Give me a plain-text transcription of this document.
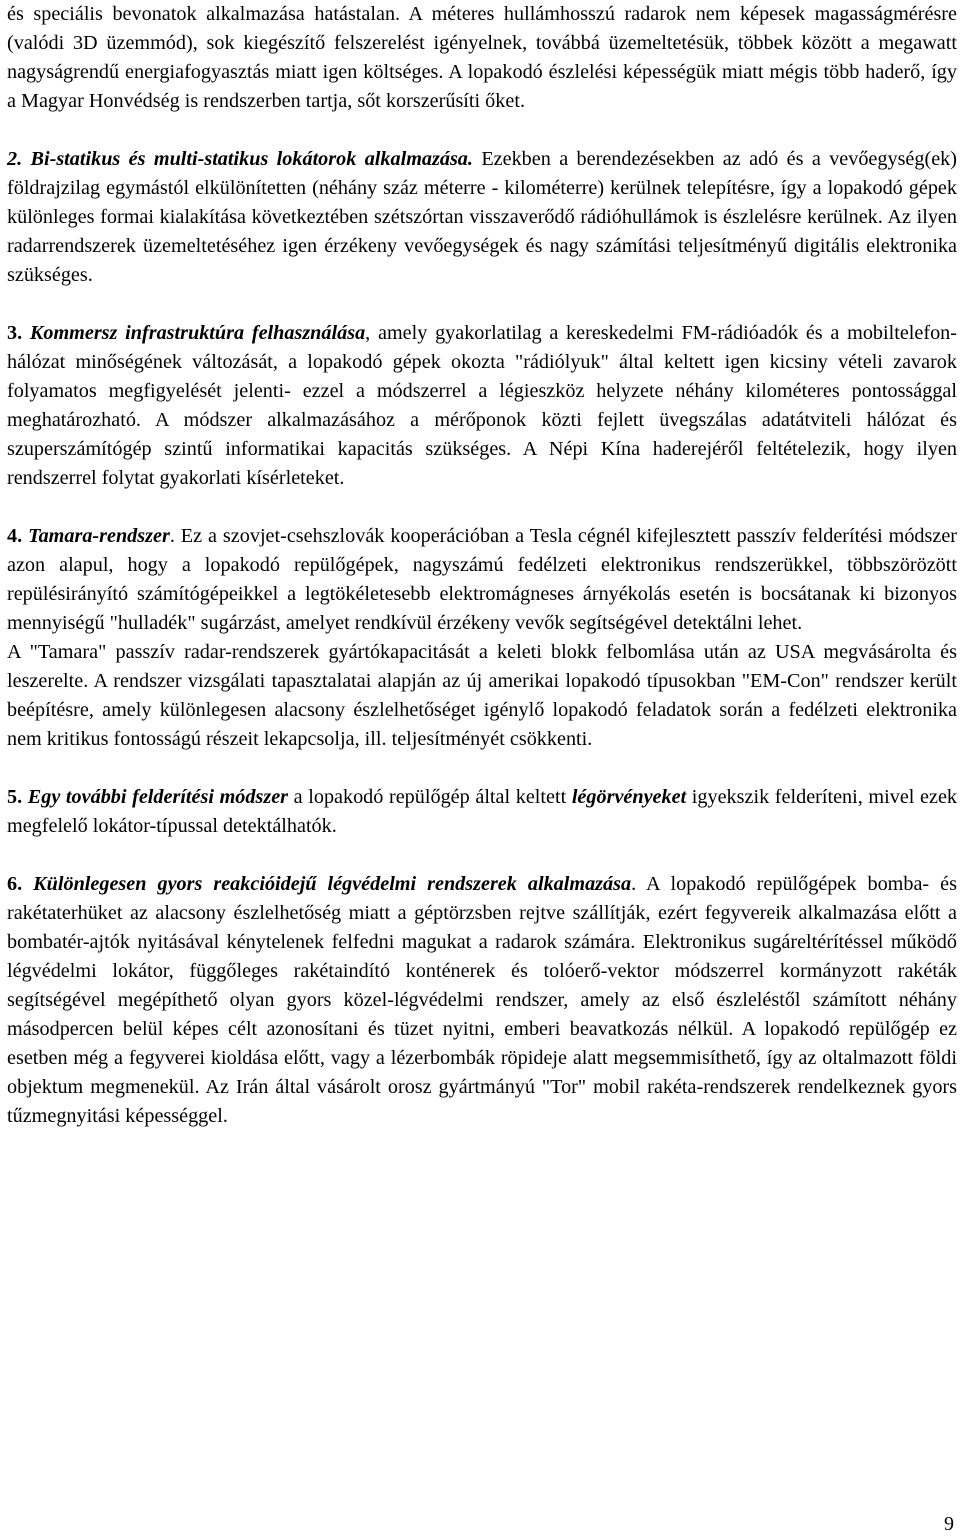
és speciális bevonatok alkalmazása hatástalan. A méteres hullámhosszú radarok nem képesek magasságmérésre (valódi 3D üzemmód), sok kiegészítő felszerelést igényelnek, továbbá üzemeltetésük, többek között a megawatt nagyságrendű energiafogyasztás miatt igen költséges. A lopakodó észlelési képességük miatt mégis több haderő, így a Magyar Honvédség is rendszerben tartja, sőt korszerűsíti őket.

2. Bi-statikus és multi-statikus lokátorok alkalmazása. Ezekben a berendezésekben az adó és a vevőegység(ek) földrajzilag egymástól elkülönítetten (néhány száz méterre - kilométerre) kerülnek telepítésre, így a lopakodó gépek különleges formai kialakítása következtében szétszórtan visszaverődő rádióhullámok is észlelésre kerülnek. Az ilyen radarrendszerek üzemeltetéséhez igen érzékeny vevőegységek és nagy számítási teljesítményű digitális elektronika szükséges.

3. Kommersz infrastruktúra felhasználása, amely gyakorlatilag a kereskedelmi FM-rádióadók és a mobiltelefon-hálózat minőségének változását, a lopakodó gépek okozta "rádiólyuk" által keltett igen kicsiny vételi zavarok folyamatos megfigyelését jelenti- ezzel a módszerrel a légieszköz helyzete néhány kilométeres pontossággal meghatározható. A módszer alkalmazásához a mérőponok közti fejlett üvegszálas adatátviteli hálózat és szuperszámítógép szintű informatikai kapacitás szükséges. A Népi Kína haderejéről feltételezik, hogy ilyen rendszerrel folytat gyakorlati kísérleteket.

4. Tamara-rendszer. Ez a szovjet-csehszlovák kooperációban a Tesla cégnél kifejlesztett passzív felderítési módszer azon alapul, hogy a lopakodó repülőgépek, nagyszámú fedélzeti elektronikus rendszerükkel, többszörözött repülésirányító számítógépeikkel a legtökéletesebb elektromágneses árnyékolás esetén is bocsátanak ki bizonyos mennyiségű "hulladék" sugárzást, amelyet rendkívül érzékeny vevők segítségével detektálni lehet.

A "Tamara" passzív radar-rendszerek gyártókapacitását a keleti blokk felbomlása után az USA megvásárolta és leszerelte. A rendszer vizsgálati tapasztalatai alapján az új amerikai lopakodó típusokban "EM-Con" rendszer került beépítésre, amely különlegesen alacsony észlelhetőséget igénylő lopakodó feladatok során a fedélzeti elektronika nem kritikus fontosságú részeit lekapcsolja, ill. teljesítményét csökkenti.

5. Egy további felderítési módszer a lopakodó repülőgép által keltett légörvényeket igyekszik felderíteni, mivel ezek megfelelő lokátor-típussal detektálhatók.

6. Különlegesen gyors reakcióidejű légvédelmi rendszerek alkalmazása. A lopakodó repülőgépek bomba- és rakétaterhüket az alacsony észlelhetőség miatt a géptörzsben rejtve szállítják, ezért fegyvereik alkalmazása előtt a bombatér-ajtók nyitásával kénytelenek felfedni magukat a radarok számára. Elektronikus sugáreltérítéssel működő légvédelmi lokátor, függőleges rakétaindító konténerek és tolóerő-vektor módszerrel kormányzott rakéták segítségével megépíthető olyan gyors közel-légvédelmi rendszer, amely az első észleléstől számított néhány másodpercen belül képes célt azonosítani és tüzet nyitni, emberi beavatkozás nélkül. A lopakodó repülőgép ez esetben még a fegyverei kioldása előtt, vagy a lézerbombák röpideje alatt megsemmisíthető, így az oltalmazott földi objektum megmenekül. Az Irán által vásárolt orosz gyártmányú "Tor" mobil rakéta-rendszerek rendelkeznek gyors tűzmegnyitási képességgel.

9
